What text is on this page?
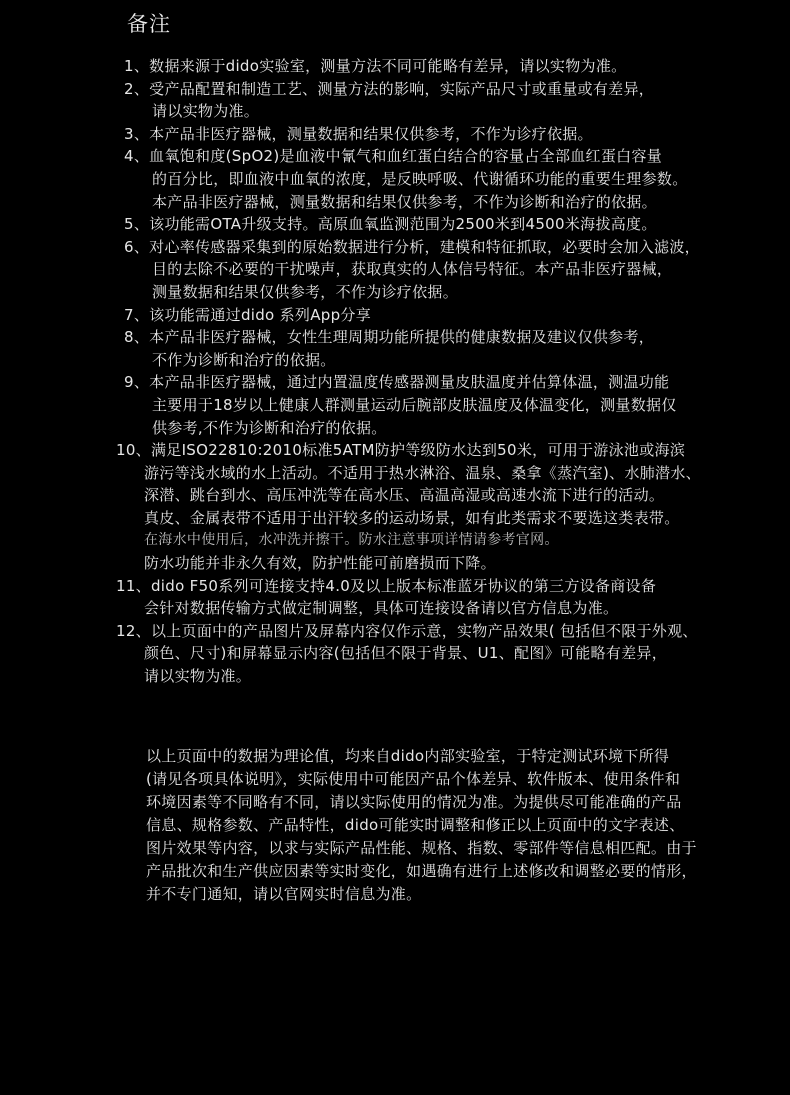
备注
1、数据来源于dido实验室，测量方法不同可能略有差异，请以实物为准。
2、受产品配置和制造工艺、测量方法的影响，实际产品尺寸或重量或有差异，
请以实物为准。
3、本产品非医疗器械，测量数据和结果仅供参考，不作为诊疗依据。
4、血氧饱和度(SpO2)是血液中氰气和血红蛋白结合的容量占全部血红蛋白容量
的百分比，即血液中血氧的浓度，是反映呼吸、代谢循环功能的重要生理参数。
本产品非医疗器械，测量数据和结果仅供参考，不作为诊断和治疗的依据。
5、该功能需OTA升级支持。高原血氧监测范围为2500米到4500米海拔高度。
6、对心率传感器采集到的原始数据进行分析，建模和特征抓取，必要时会加入滤波，
目的去除不必要的干扰噪声，获取真实的人体信号特征。本产品非医疗器械，
测量数据和结果仅供参考，不作为诊疗依据。
7、该功能需通过dido 系列App分享
8、本产品非医疗器械，女性生理周期功能所提供的健康数据及建议仅供参考，
不作为诊断和治疗的依据。
9、本产品非医疗器械，通过内置温度传感器测量皮肤温度并估算体温，测温功能
主要用于18岁以上健康人群测量运动后腕部皮肤温度及体温变化，测量数据仅
供参考,不作为诊断和治疗的依据。
10、满足ISO22810:2010标准5ATM防护等级防水达到50米，可用于游泳池或海滨
游污等浅水域的水上活动。不适用于热水淋浴、温泉、桑拿《蒸汽室)、水肺潜水、
深潜、跳台到水、高压冲洗等在高水压、高温高湿或高速水流下进行的活动。
真皮、金属表带不适用于出汗较多的运动场景，如有此类需求不要选这类表带。
在海水中使用后，水冲洗并擦干。防水注意事项详情请参考官网。
防水功能并非永久有效，防护性能可前磨损而下降。
11、dido F50系列可连接支持4.0及以上版本标准蓝牙协议的第三方设备商设备
会针对数据传输方式做定制调整，具体可连接设备请以官方信息为准。
12、以上页面中的产品图片及屏幕内容仅作示意，实物产品效果( 包括但不限于外观、
颜色、尺寸)和屏幕显示内容(包括但不限于背景、U1、配图》可能略有差异，
请以实物为准。
以上页面中的数据为理论值，均来自dido内部实验室，于特定测试环境下所得
(请见各项具体说明》，实际使用中可能因产品个体差异、软件版本、使用条件和
环境因素等不同略有不同，请以实际使用的情况为准。为提供尽可能准确的产品
信息、规格参数、产品特性，dido可能实时调整和修正以上页面中的文字表述、
图片效果等内容，以求与实际产品性能、规格、指数、零部件等信息相匹配。由于
产品批次和生产供应因素等实时变化，如遇确有进行上述修改和调整必要的情形，
并不专门通知，请以官网实时信息为准。
